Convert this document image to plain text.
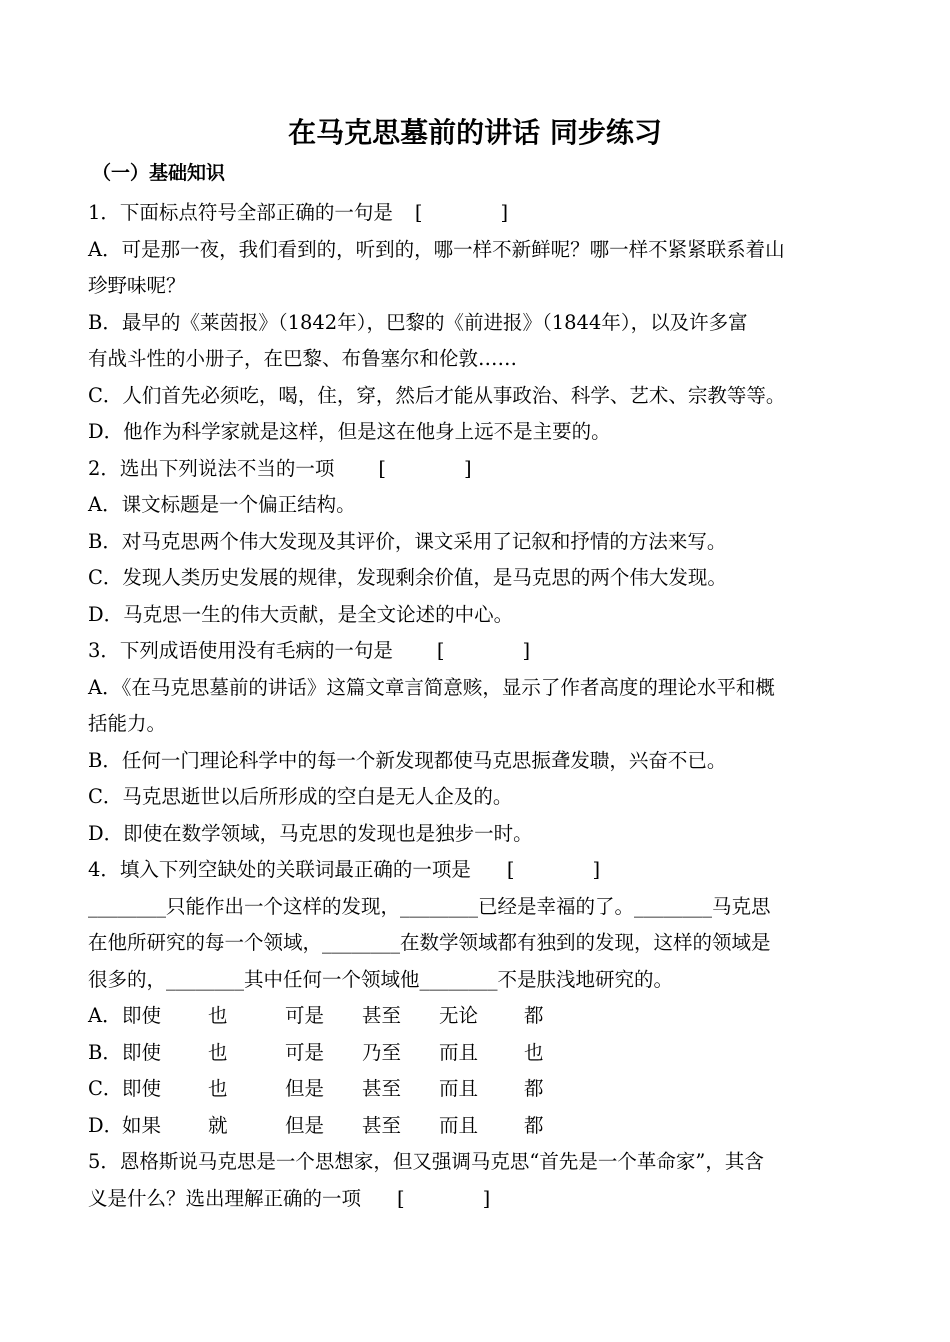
在马克思墓前的讲话 同步练习
（一）基础知识
1．下面标点符号全部正确的一句是 [　　　　]
A．可是那一夜，我们看到的，听到的，哪一样不新鲜呢？哪一样不紧紧联系着山
珍野味呢？
B．最早的《莱茵报》（1842年），巴黎的《前进报》（1844年），以及许多富
有战斗性的小册子，在巴黎、布鲁塞尔和伦敦……
C．人们首先必须吃，喝，住，穿，然后才能从事政治、科学、艺术、宗教等等。
D．他作为科学家就是这样，但是这在他身上远不是主要的。
2．选出下列说法不当的一项 [　　　　]
A．课文标题是一个偏正结构。
B．对马克思两个伟大发现及其评价，课文采用了记叙和抒情的方法来写。
C．发现人类历史发展的规律，发现剩余价值，是马克思的两个伟大发现。
D．马克思一生的伟大贡献，是全文论述的中心。
3．下列成语使用没有毛病的一句是 [　　　　]
A．《在马克思墓前的讲话》这篇文章言简意赅，显示了作者高度的理论水平和概
括能力。
B．任何一门理论科学中的每一个新发现都使马克思振聋发聩，兴奋不已。
C．马克思逝世以后所形成的空白是无人企及的。
D．即使在数学领域，马克思的发现也是独步一时。
4．填入下列空缺处的关联词最正确的一项是 [　　　　]
________只能作出一个这样的发现，________已经是幸福的了。________马克思
在他所研究的每一个领域，________在数学领域都有独到的发现，这样的领域是
很多的，________其中任何一个领域他________不是肤浅地研究的。
A．即使 也	可是 甚至 无论 都
B．即使 也	可是 乃至 而且 也
C．即使 也	但是 甚至 而且 都
D．如果 就	但是 甚至 而且 都
5．恩格斯说马克思是一个思想家，但又强调马克思“首先是一个革命家”，其含
义是什么？选出理解正确的一项 [　　　　]
